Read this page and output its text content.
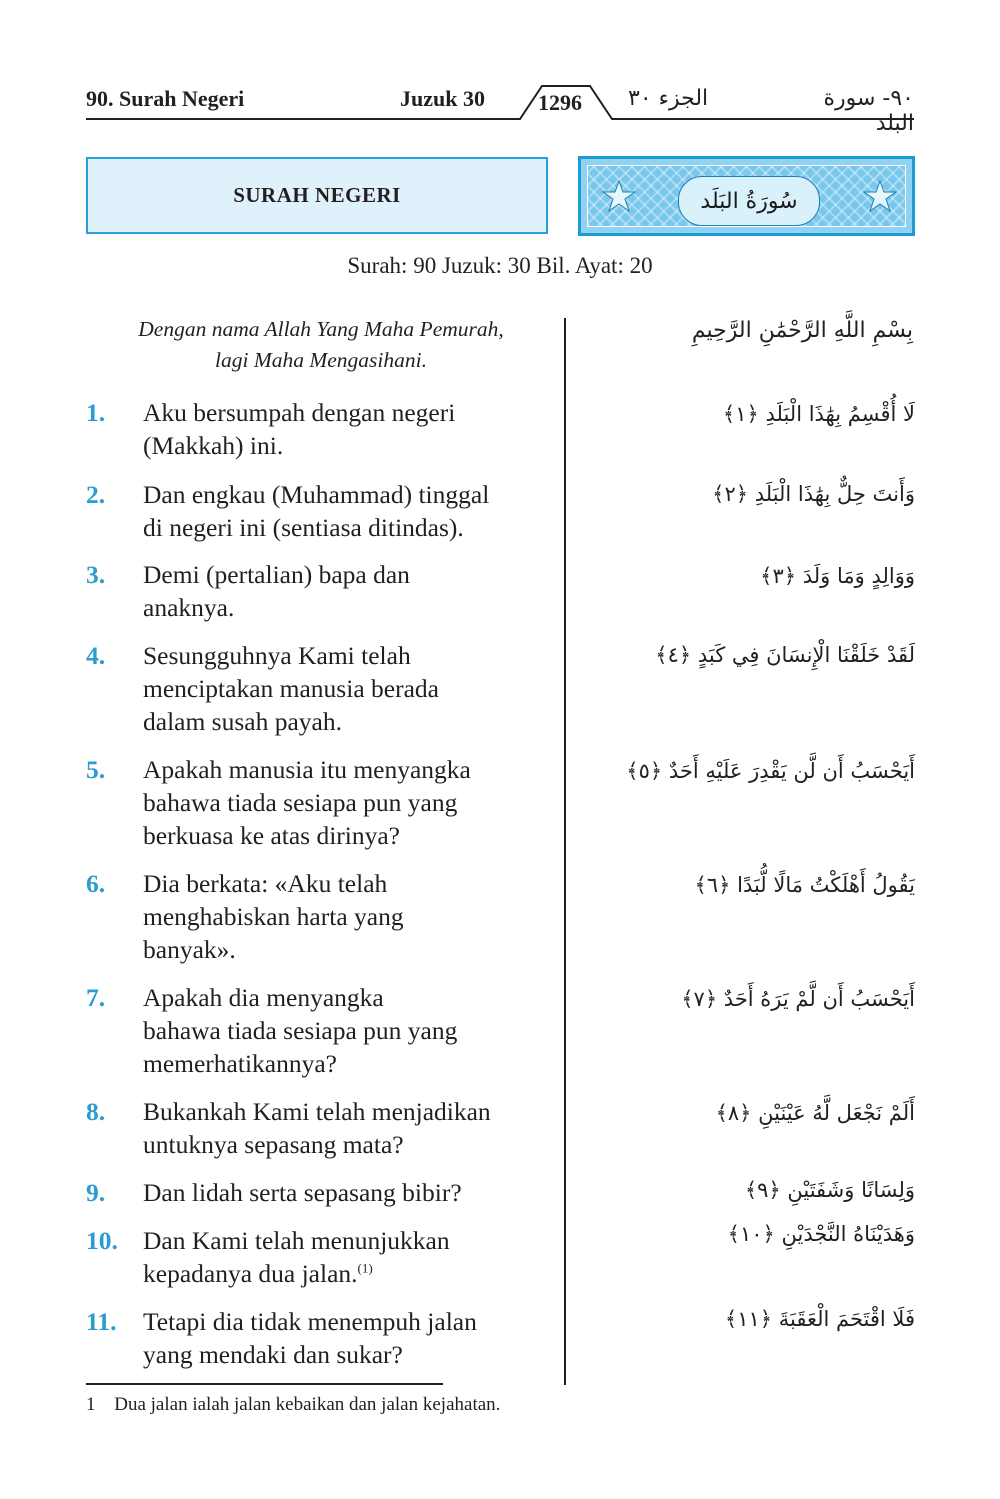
90. Surah Negeri	Juzuk 30 1296 الجزء ٣٠	٩٠- سورة البلد
SURAH NEGERI	سُورَةُ البَلَد
Surah: 90 Juzuk: 30 Bil. Ayat: 20
Dengan nama Allah Yang Maha Pemurah,
lagi Maha Mengasihani.
بِسْمِ اللَّهِ الرَّحْمَٰنِ الرَّحِيمِ
1.	Aku bersumpah dengan negeri
(Makkah) ini.
لَا أُقْسِمُ بِهَٰذَا الْبَلَدِ ﴿١﴾
2.	Dan engkau (Muhammad) tinggal
di negeri ini (sentiasa ditindas).
وَأَنتَ حِلٌّ بِهَٰذَا الْبَلَدِ ﴿٢﴾
3.	Demi (pertalian) bapa dan
anaknya.
وَوَالِدٍ وَمَا وَلَدَ ﴿٣﴾
4.	Sesungguhnya Kami telah
menciptakan manusia berada
dalam susah payah.
لَقَدْ خَلَقْنَا الْإِنسَانَ فِي كَبَدٍ ﴿٤﴾
5.	Apakah manusia itu menyangka
bahawa tiada sesiapa pun yang
berkuasa ke atas dirinya?
أَيَحْسَبُ أَن لَّن يَقْدِرَ عَلَيْهِ أَحَدٌ ﴿٥﴾
6.	Dia berkata: «Aku telah
menghabiskan harta yang
banyak».
يَقُولُ أَهْلَكْتُ مَالًا لُّبَدًا ﴿٦﴾
7.	Apakah dia menyangka
bahawa tiada sesiapa pun yang
memerhatikannya?
أَيَحْسَبُ أَن لَّمْ يَرَهُ أَحَدٌ ﴿٧﴾
8.	Bukankah Kami telah menjadikan
untuknya sepasang mata?
أَلَمْ نَجْعَل لَّهُ عَيْنَيْنِ ﴿٨﴾
9.	Dan lidah serta sepasang bibir?	وَلِسَانًا وَشَفَتَيْنِ ﴿٩﴾
10. Dan Kami telah menunjukkan
kepadanya dua jalan.$^{(1)}$
وَهَدَيْنَاهُ النَّجْدَيْنِ ﴿١٠﴾
11.	Tetapi dia tidak menempuh jalan
yang mendaki dan sukar?
فَلَا اقْتَحَمَ الْعَقَبَةَ ﴿١١﴾
1 Dua jalan ialah jalan kebaikan dan jalan kejahatan.
